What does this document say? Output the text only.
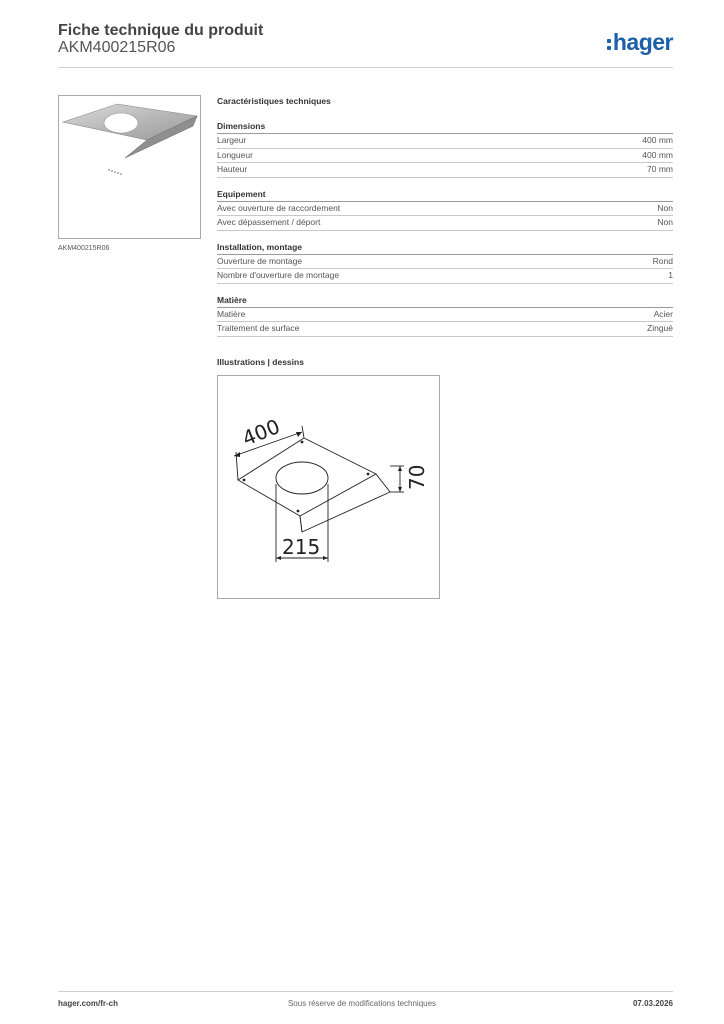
Fiche technique du produit
AKM400215R06	hager
AKM400215R06
Caractéristiques techniques
Dimensions
Largeur	400 mm
Longueur	400 mm
Hauteur	70 mm
Equipement
Avec ouverture de raccordement	Non
Avec dépassement / déport	Non
Installation, montage
Ouverture de montage	Rond
Nombre d'ouverture de montage	1
Matière
Matière	Acier
Traitement de surface	Zingué
Illustrations | dessins
400
70
215
hager.com/fr-ch	Sous réserve de modifications techniques	07.03.2026
